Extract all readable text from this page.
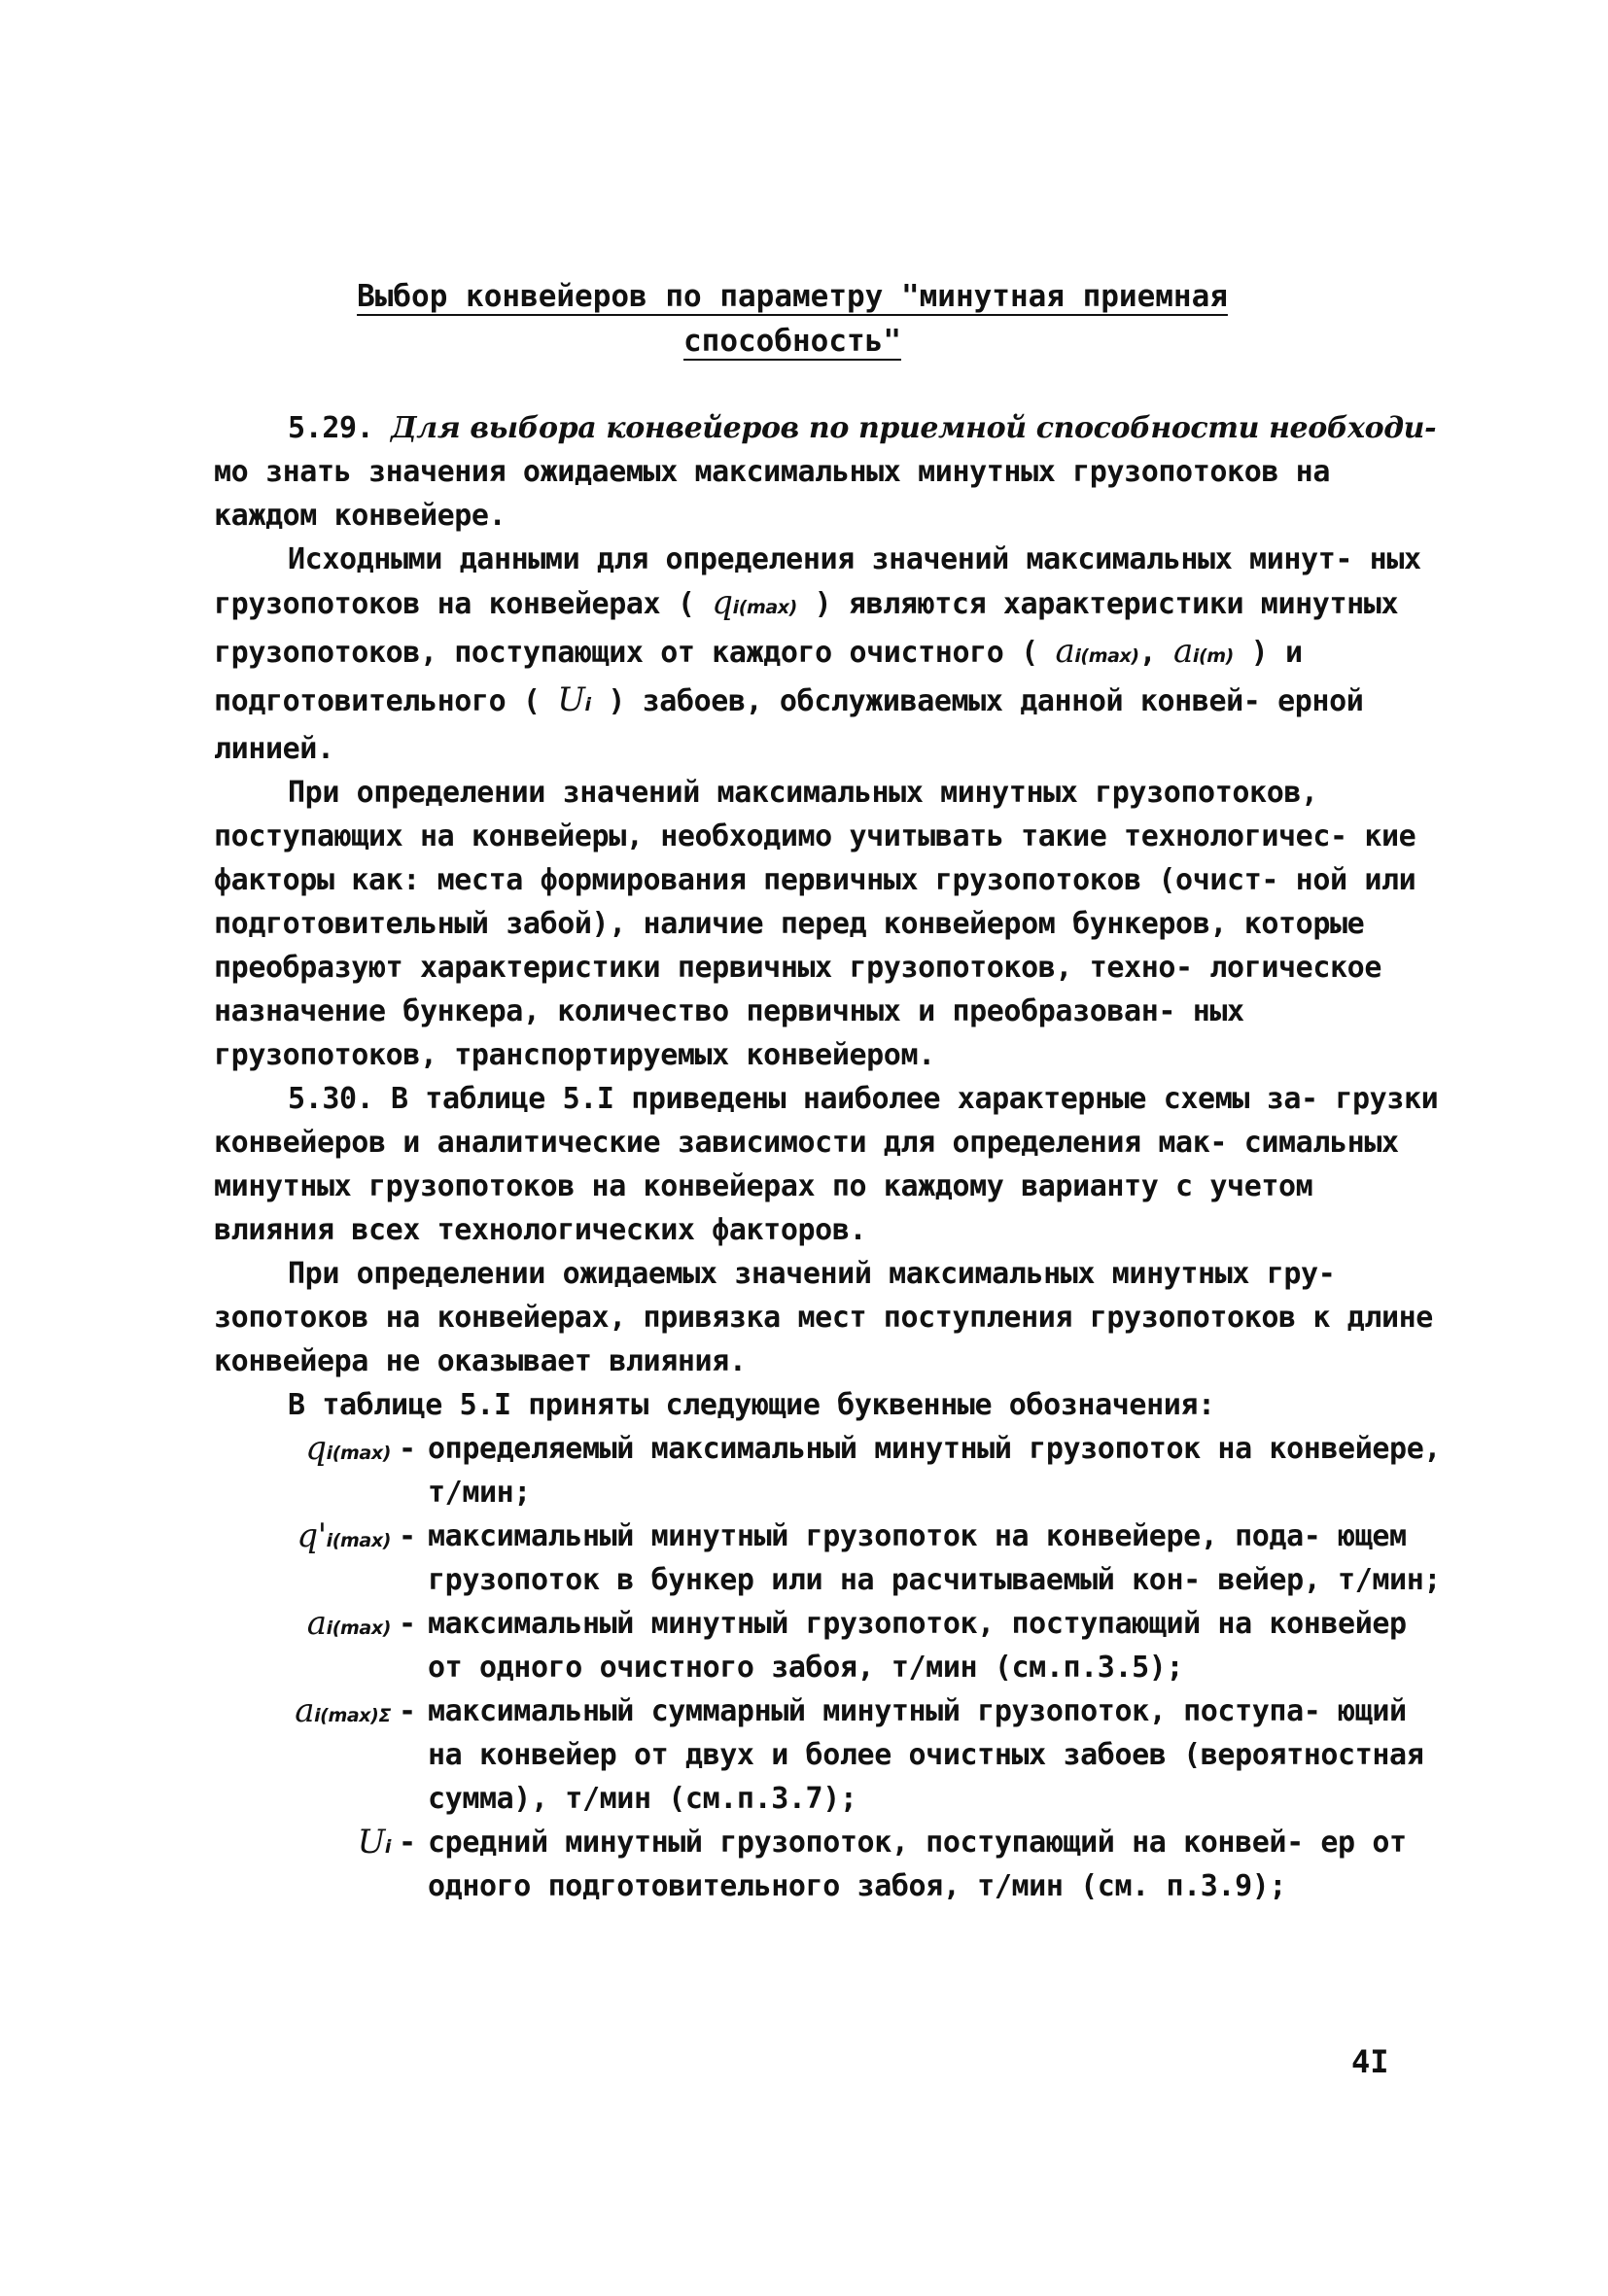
Выбор конвейеров по параметру "минутная приемная
способность"

5.29. Для выбора конвейеров по приемной способности необходи- мо знать значения ожидаемых максимальных минутных грузопотоков на каждом конвейере.

Исходными данными для определения значений максимальных минут- ных грузопотоков на конвейерах ( qi(max) ) являются характеристики минутных грузопотоков, поступающих от каждого очистного ( ai(max), ai(m) ) и подготовительного ( Ui ) забоев, обслуживаемых данной конвей- ерной линией.

При определении значений максимальных минутных грузопотоков, поступающих на конвейеры, необходимо учитывать такие технологичес- кие факторы как: места формирования первичных грузопотоков (очист- ной или подготовительный забой), наличие перед конвейером бункеров, которые преобразуют характеристики первичных грузопотоков, техно- логическое назначение бункера, количество первичных и преобразован- ных грузопотоков, транспортируемых конвейером.

5.30. В таблице 5.I приведены наиболее характерные схемы за- грузки конвейеров и аналитические зависимости для определения мак- симальных минутных грузопотоков на конвейерах по каждому варианту с учетом влияния всех технологических факторов.

При определении ожидаемых значений максимальных минутных гру- зопотоков на конвейерах, привязка мест поступления грузопотоков к длине конвейера не оказывает влияния.

В таблице 5.I приняты следующие буквенные обозначения:

qi(max) - определяемый максимальный минутный грузопоток на конвейере, т/мин;
q'i(max) - максимальный минутный грузопоток на конвейере, пода- ющем грузопоток в бункер или на расчитываемый кон- вейер, т/мин;
ai(max) - максимальный минутный грузопоток, поступающий на конвейер от одного очистного забоя, т/мин (см.п.3.5);
ai(max)Σ - максимальный суммарный минутный грузопоток, поступа- ющий на конвейер от двух и более очистных забоев (вероятностная сумма), т/мин (см.п.3.7);
Ui - средний минутный грузопоток, поступающий на конвей- ер от одного подготовительного забоя, т/мин (см. п.3.9);
4I
